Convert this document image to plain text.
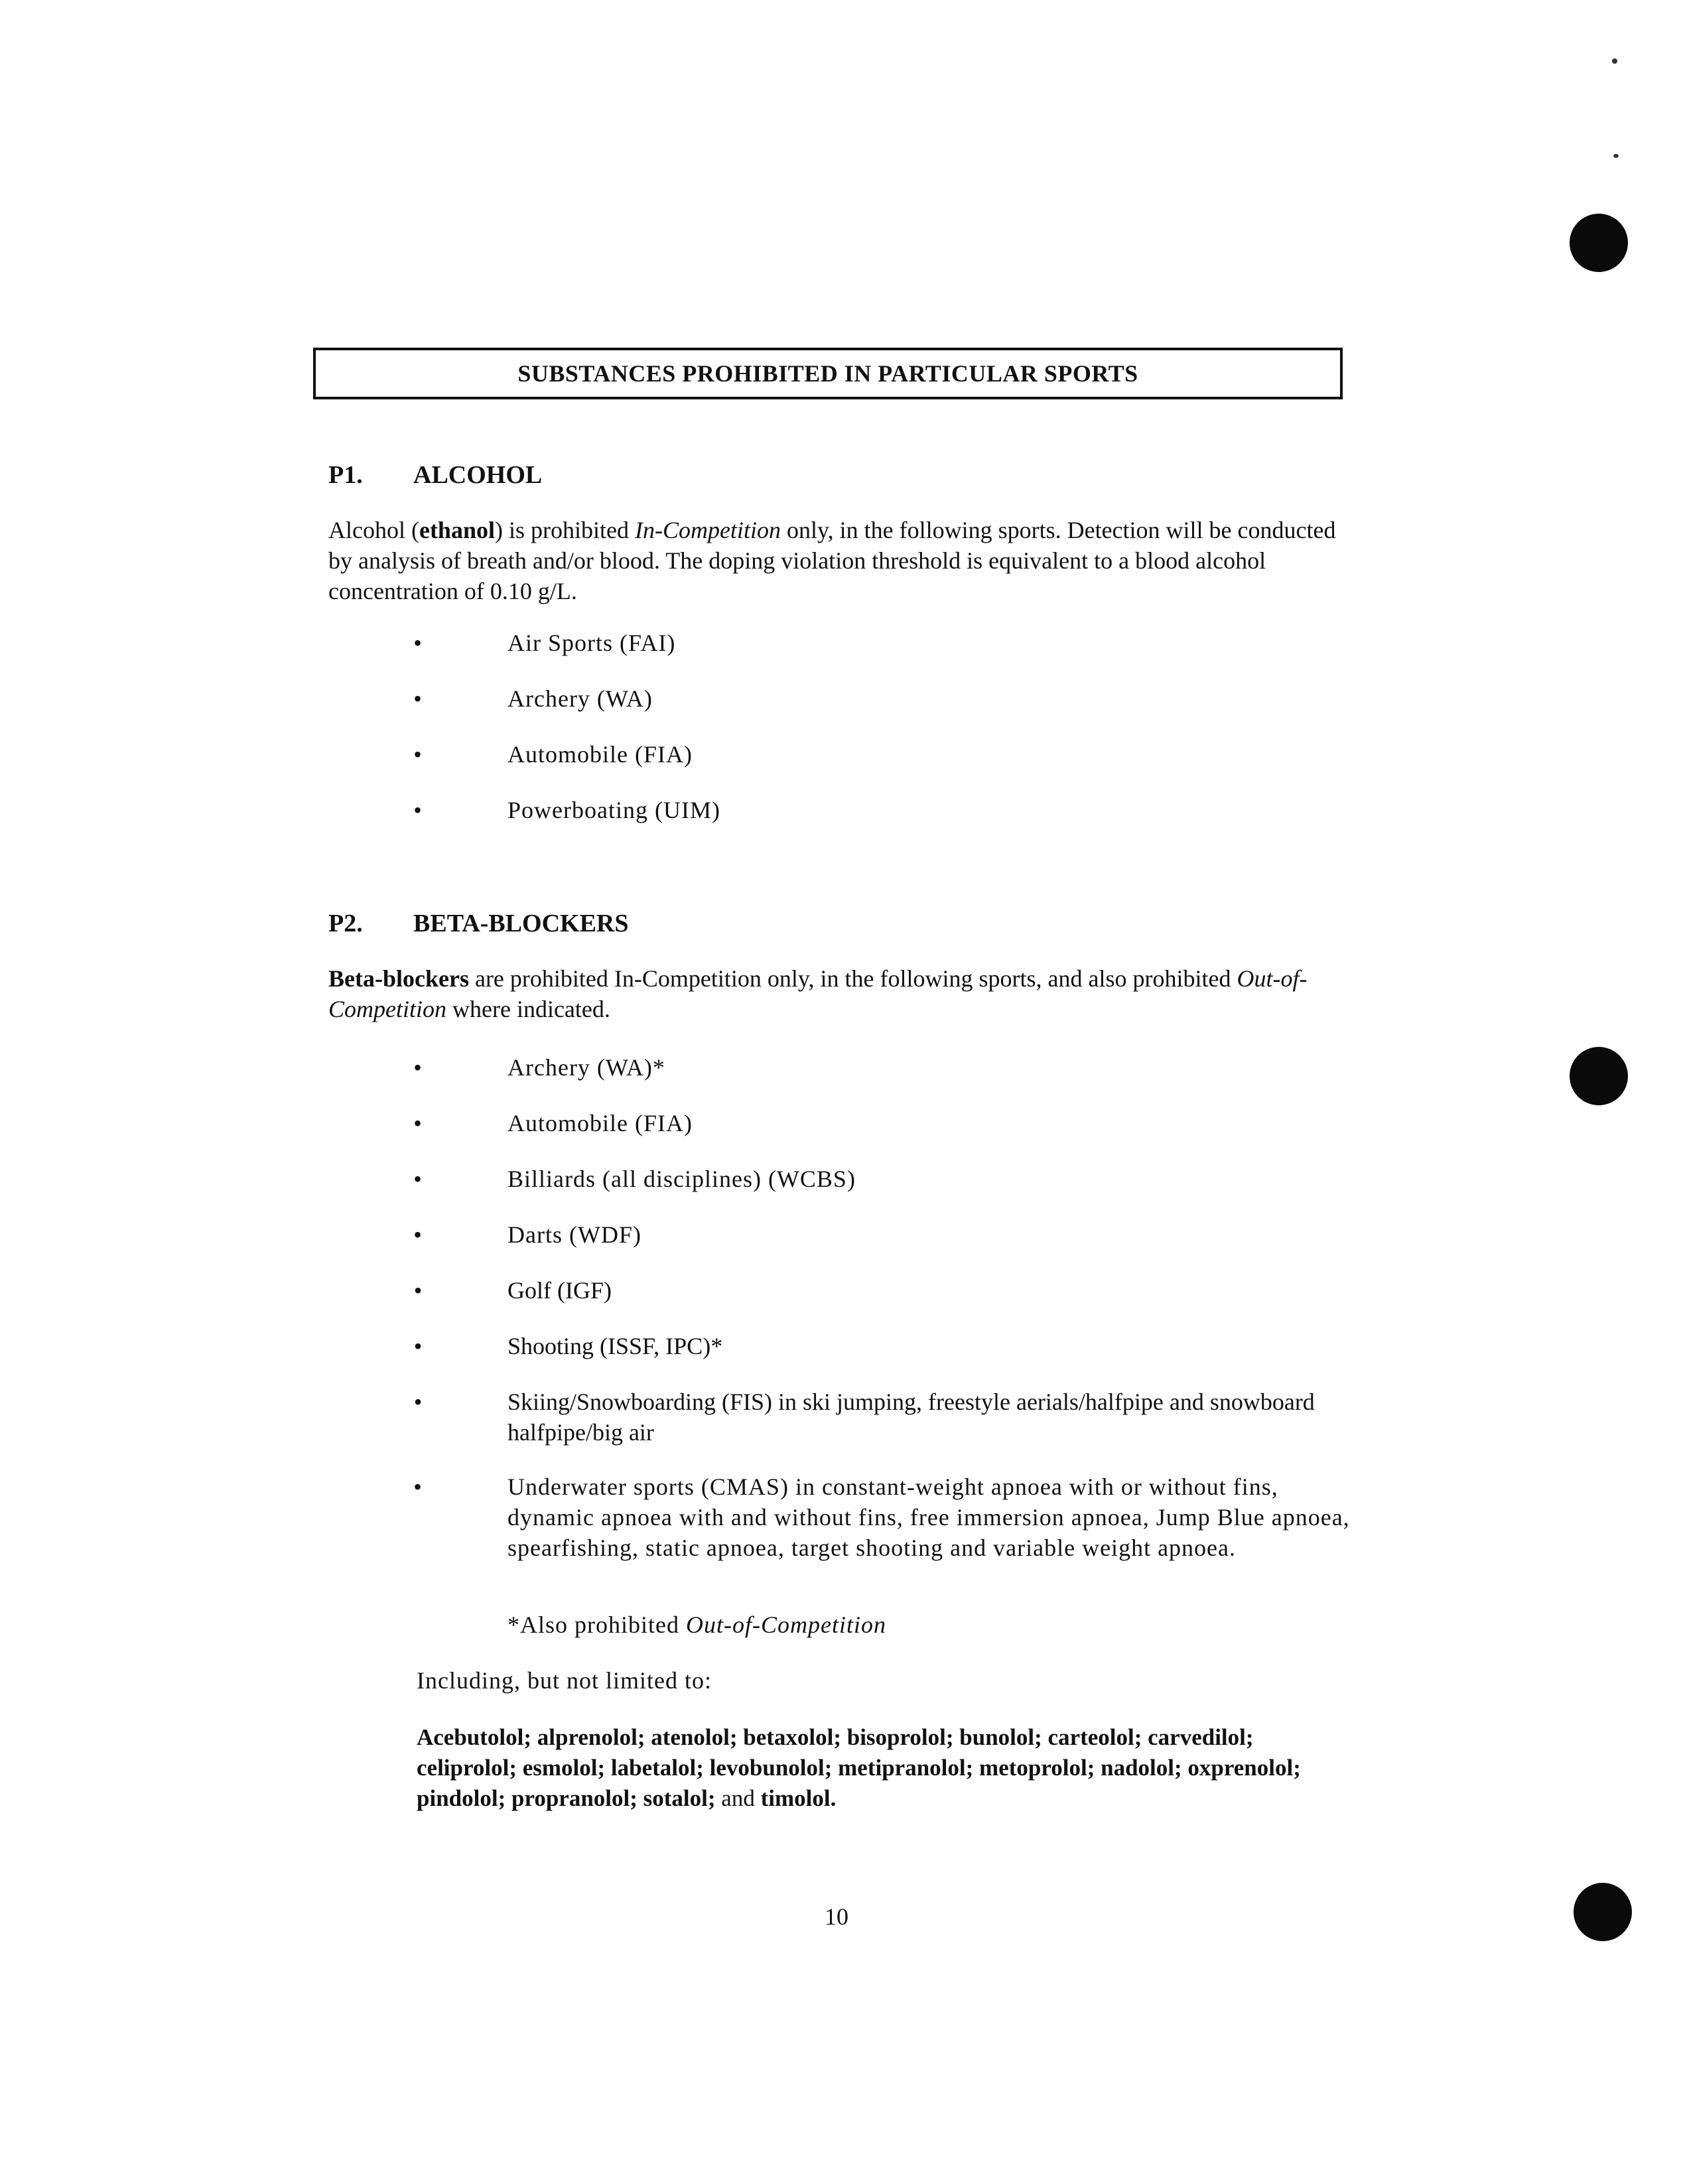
SUBSTANCES PROHIBITED IN PARTICULAR SPORTS
P1. ALCOHOL
Alcohol (ethanol) is prohibited In-Competition only, in the following sports. Detection will be conducted by analysis of breath and/or blood. The doping violation threshold is equivalent to a blood alcohol concentration of 0.10 g/L.
•	Air Sports (FAI)
•	Archery (WA)
•	Automobile (FIA)
•	Powerboating (UIM)
P2. BETA-BLOCKERS
Beta-blockers are prohibited In-Competition only, in the following sports, and also prohibited Out-of-Competition where indicated.
•	Archery (WA)*
•	Automobile (FIA)
•	Billiards (all disciplines) (WCBS)
•	Darts (WDF)
•	Golf (IGF)
•	Shooting (ISSF, IPC)*
•	Skiing/Snowboarding (FIS) in ski jumping, freestyle aerials/halfpipe and snowboard halfpipe/big air
•	Underwater sports (CMAS) in constant-weight apnoea with or without fins, dynamic apnoea with and without fins, free immersion apnoea, Jump Blue apnoea, spearfishing, static apnoea, target shooting and variable weight apnoea.
*Also prohibited Out-of-Competition
Including, but not limited to:
Acebutolol; alprenolol; atenolol; betaxolol; bisoprolol; bunolol; carteolol; carvedilol; celiprolol; esmolol; labetalol; levobunolol; metipranolol; metoprolol; nadolol; oxprenolol; pindolol; propranolol; sotalol; and timolol.
10
